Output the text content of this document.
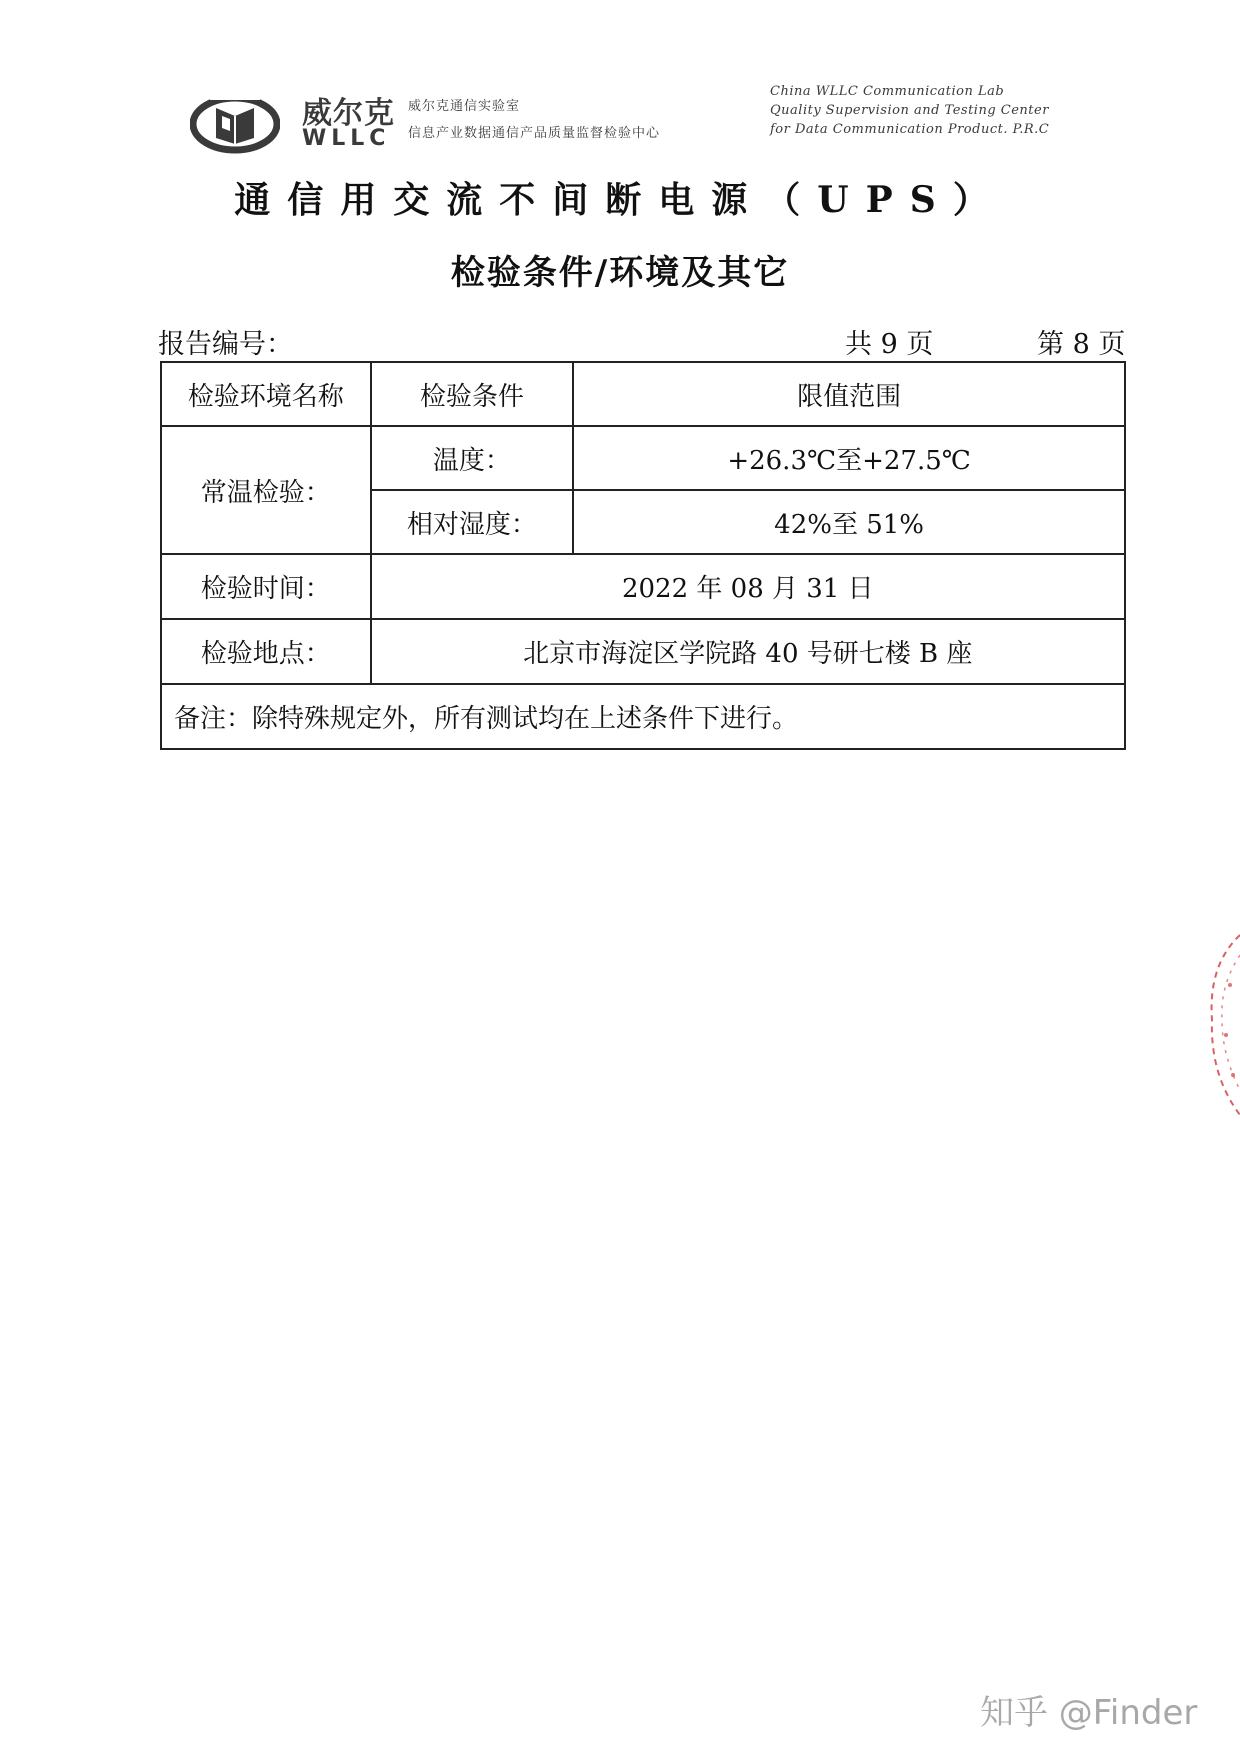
威尔克
WLLC
威尔克通信实验室
信息产业数据通信产品质量监督检验中心
China WLLC Communication Lab
Quality Supervision and Testing Center
for Data Communication Product. P.R.C
通信用交流不间断电源（UPS）
检验条件/环境及其它
报告编号：	共 9 页	第 8 页
检验环境名称	检验条件	限值范围
常温检验：	温度：	+26.3℃至+27.5℃
	相对湿度：	42%至 51%
检验时间：	2022 年 08 月 31 日	
检验地点：	北京市海淀区学院路 40 号研七楼 B 座	
备注：除特殊规定外，所有测试均在上述条件下进行。		
知乎 @Finder
